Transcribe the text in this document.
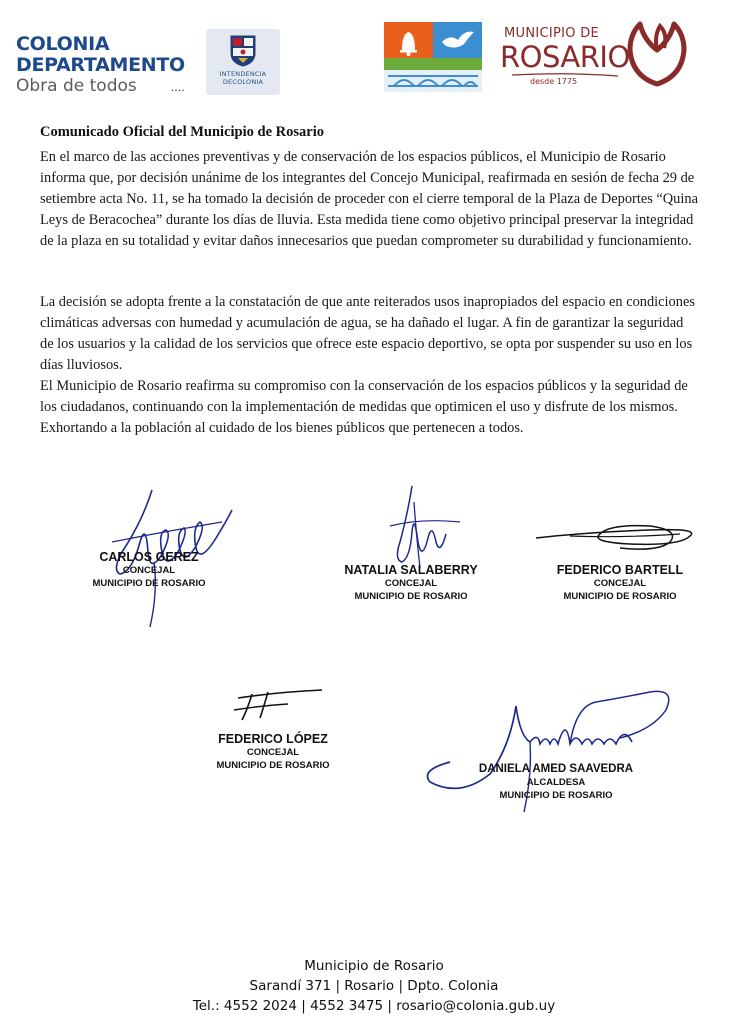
COLONIA
DEPARTAMENTO
Obra de todos	....
INTENDENCIA
DECOLONIA
MUNICIPIO DE
ROSARIO
desde 1775
Comunicado Oficial del Municipio de Rosario

En el marco de las acciones preventivas y de conservación de los espacios públicos, el Municipio de Rosario informa que, por decisión unánime de los integrantes del Concejo Municipal, reafirmada en sesión de fecha 29 de setiembre acta No. 11, se ha tomado la decisión de proceder con el cierre temporal de la Plaza de Deportes “Quina Leys de Beracochea” durante los días de lluvia. Esta medida tiene como objetivo principal preservar la integridad de la plaza en su totalidad y evitar daños innecesarios que puedan comprometer su durabilidad y funcionamiento.

La decisión se adopta frente a la constatación de que ante reiterados usos inapropiados del espacio en condiciones climáticas adversas con humedad y acumulación de agua, se ha dañado el lugar. A fin de garantizar la seguridad de los usuarios y la calidad de los servicios que ofrece este espacio deportivo, se opta por suspender su uso en los días lluviosos.

El Municipio de Rosario reafirma su compromiso con la conservación de los espacios públicos y la seguridad de los ciudadanos, continuando con la implementación de medidas que optimicen el uso y disfrute de los mismos. Exhortando a la población al cuidado de los bienes públicos que pertenecen a todos.

CARLOS GEREZ
CONCEJAL
MUNICIPIO DE ROSARIO
NATALIA SALABERRY
CONCEJAL
MUNICIPIO DE ROSARIO
FEDERICO BARTELL
CONCEJAL
MUNICIPIO DE ROSARIO
FEDERICO LÓPEZ
CONCEJAL
MUNICIPIO DE ROSARIO	DANIELA AMED SAAVEDRA
ALCALDESA
MUNICIPIO DE ROSARIO
Municipio de Rosario
Sarandí 371 | Rosario | Dpto. Colonia
Tel.: 4552 2024 | 4552 3475 | rosario@colonia.gub.uy
